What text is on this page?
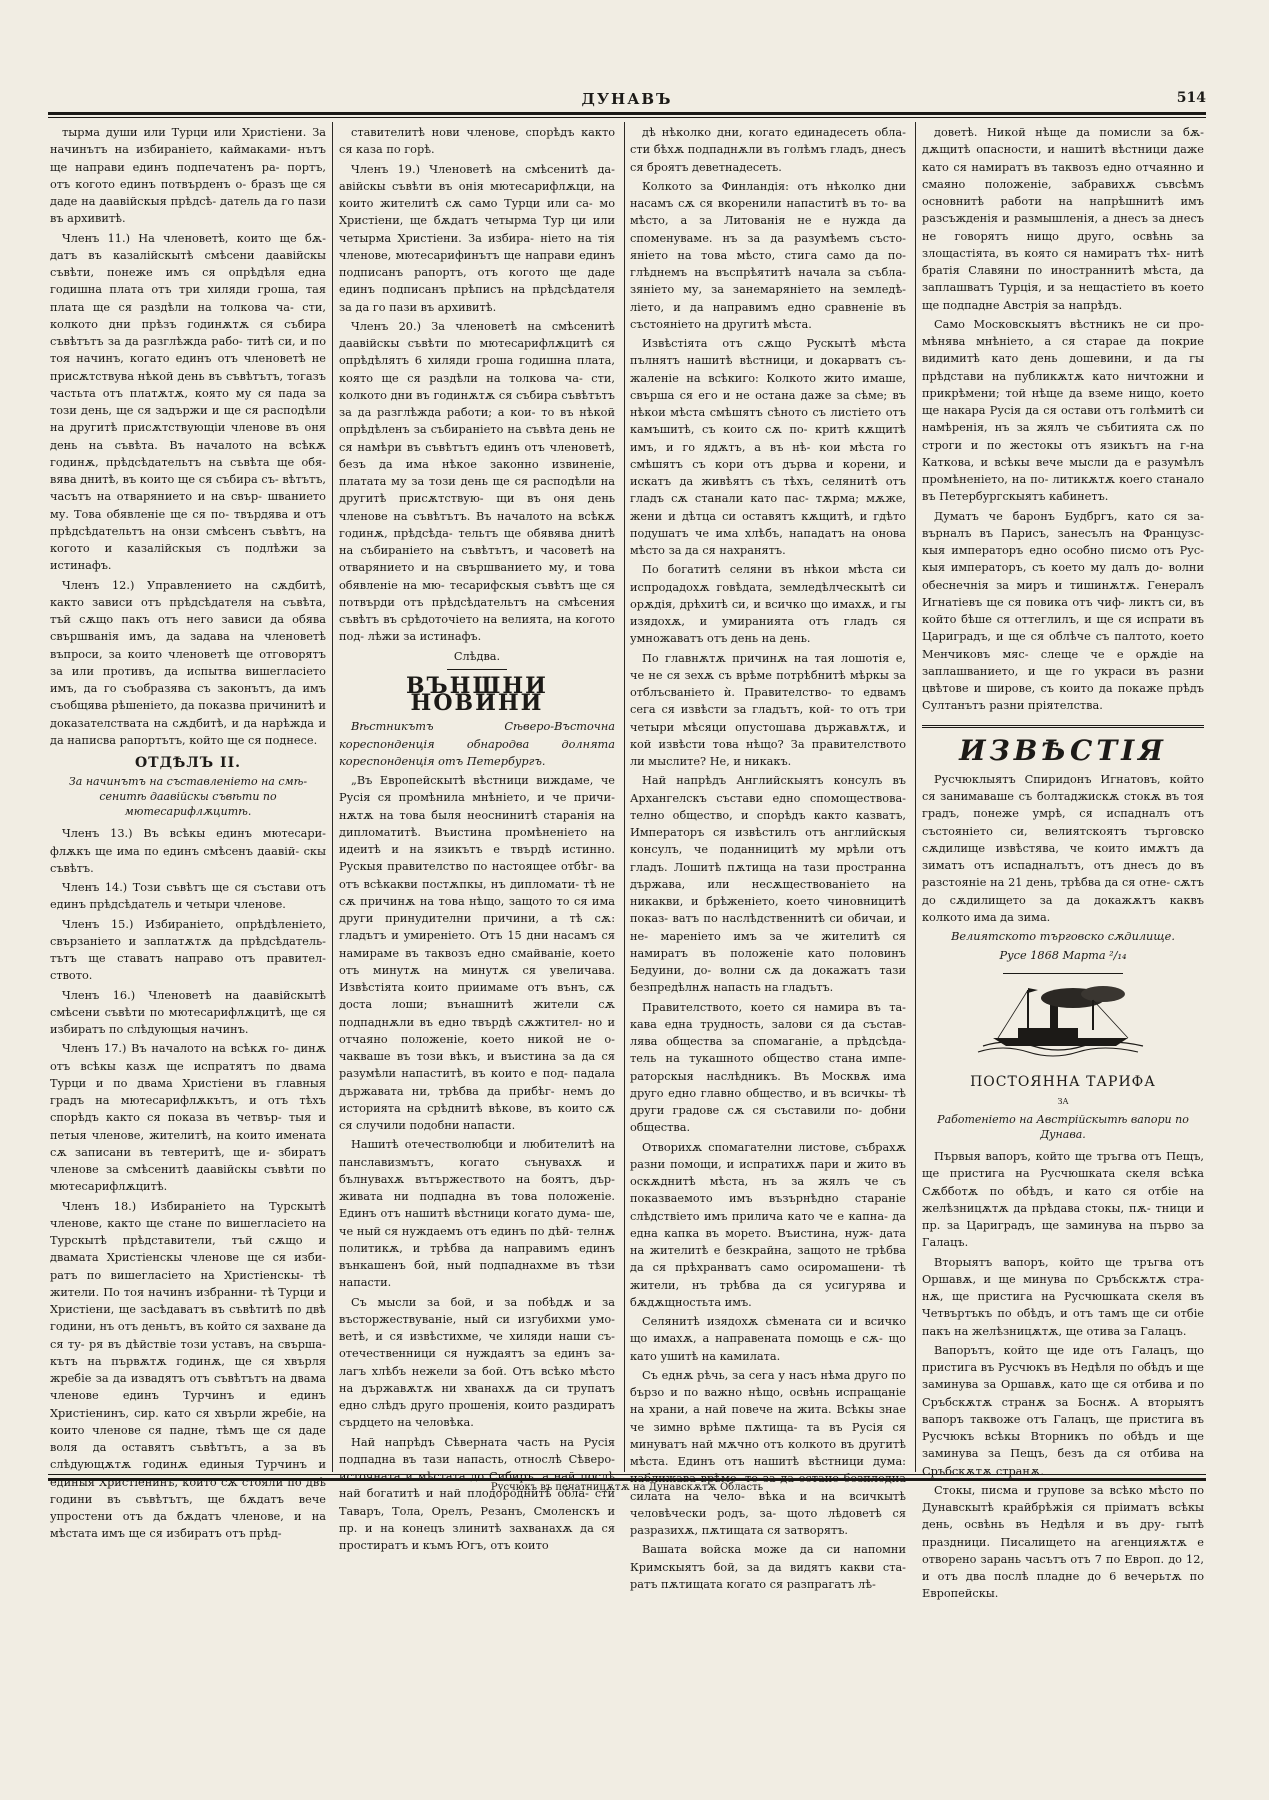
ДУНАВЪ	514

тырма души или Турци или Христіени. За начинътъ на избираніето, каймаками- нътъ ще направи единъ подпечатенъ ра- портъ, отъ когото единъ потвърденъ о- бразъ ще ся даде на даавійскыя прѣдсѣ- датель да го пази въ архивитѣ.

Членъ 11.) На членоветѣ, които ще бѫ- датъ въ казалійскытѣ смѣсени даавійскы съвѣти, понеже имъ ся опрѣдѣля една годишна плата отъ три хиляди гроша, тая плата ще ся раздѣли на толкова ча- сти, колкото дни прѣзъ годинѫтѫ ся събира съвѣтътъ за да разглѣжда рабо- титѣ си, и по тоя начинъ, когато единъ отъ членоветѣ не присѫтствува нѣкой день въ съвѣтътъ, тогазъ частьта отъ платѫтѫ, която му ся пада за този день, ще ся задържи и ще ся расподѣли на другитѣ присѫтствующіи членове въ оня день на съвѣта. Въ началото на всѣкѫ годинѫ, прѣдсѣдательтъ на съвѣта ще обя- вява днитѣ, въ които ще ся събира съ- вѣтътъ, часътъ на отварянието и на свър- шванието му. Това обявленіе ще ся по- твърдява и отъ прѣдсѣдательтъ на онзи смѣсенъ съвѣтъ, на когото и казалійскыя съ подлѣжи за истинафъ.

Членъ 12.) Управлението на сѫдбитѣ, както зависи отъ прѣдсѣдателя на съвѣта, тъй сѫщо пакъ отъ него зависи да обява свършванія имъ, да задава на членоветѣ въпроси, за които членоветѣ ще отговорятъ за или противъ, да испытва вишегласіето имъ, да го съобразява съ законътъ, да имъ съобщява рѣшеніето, да показва причинитѣ и доказателствата на сѫдбитѣ, и да нарѣжда и да написва рапортътъ, който ще ся поднесе.

ОТДѢЛЪ II.
За начинътъ на съставленіето на смѣ- сенитѣ даавійскы съвѣти по мютесарифлѫцитѣ.

Членъ 13.) Въ всѣкы единъ мютесари- флѫкъ ще има по единъ смѣсенъ даавій- скы съвѣтъ.

Членъ 14.) Този съвѣтъ ще ся състави отъ единъ прѣдсѣдатель и четыри членове.

Членъ 15.) Избираніето, опрѣдѣленіето, свързаніето и заплатѫтѫ да прѣдсѣдатель- тътъ ще ставатъ направо отъ правител- ството.

Членъ 16.) Членоветѣ на даавійскытѣ смѣсени съвѣти по мютесарифлѫцитѣ, ще ся избиратъ по слѣдующыя начинъ.

Членъ 17.) Въ началото на всѣкѫ го- динѫ отъ всѣкы казѫ ще испратятъ по двама Турци и по двама Христіени въ главныя градъ на мютесарифлѫкътъ, и отъ тѣхъ спорѣдъ както ся показа въ четвър- тыя и петыя членове, жителитѣ, на които имената сѫ записани въ тевтеритѣ, ще и- збиратъ членове за смѣсенитѣ даавійскы съвѣти по мютесарифлѫцитѣ.

Членъ 18.) Избираніето на Турскытѣ членове, както ще стане по вишегласіето на Турскытѣ прѣдставители, тъй сѫщо и двамата Христіенскы членове ще ся изби- ратъ по вишегласіето на Христіенскы- тѣ жители. По тоя начинъ избранни- тѣ Турци и Христіени, ще засѣдаватъ въ съвѣтитѣ по двѣ години, нъ отъ деньтъ, въ който ся захване да ся ту- ря въ дѣйствіе този уставъ, на свърша- кътъ на първѫтѫ годинѫ, ще ся хвърля жребіе за да извадятъ отъ съвѣтътъ на двама членове единъ Турчинъ и единъ Христіенинъ, сир. като ся хвърли жребіе, на които членове ся падне, тѣмъ ще ся даде воля да оставятъ съвѣтътъ, а за въ слѣдующѫтѫ годинѫ единыя Турчинъ и единыя Христіенинъ, които сѫ стояли по двѣ години въ съвѣтътъ, ще бѫдатъ вече упростени отъ да бѫдатъ членове, и на мѣстата имъ ще ся избиратъ отъ прѣд-

ставителитѣ нови членове, спорѣдъ както ся каза по горѣ.

Членъ 19.) Членоветѣ на смѣсенитѣ да- авійскы съвѣти въ онія мютесарифлѫци, на които жителитѣ сѫ само Турци или са- мо Христіени, ще бѫдатъ четырма Тур ци или четырма Христіени. За избира- ніето на тія членове, мютесарифинътъ ще направи единъ подписанъ рапортъ, отъ когото ще даде единъ подписанъ прѣписъ на прѣдсѣдателя за да го пази въ архивитѣ.

Членъ 20.) За членоветѣ на смѣсенитѣ даавійскы съвѣти по мютесарифлѫцитѣ ся опрѣдѣлятъ 6 хиляди гроша годишна плата, която ще ся раздѣли на толкова ча- сти, колкото дни въ годинѫтѫ ся събира съвѣтътъ за да разглѣжда работи; а кои- то въ нѣкой опрѣдѣленъ за събираніето на съвѣта день не ся намѣри въ съвѣтътъ единъ отъ членоветѣ, безъ да има нѣкое законно извиненіе, платата му за този день ще ся расподѣли на другитѣ присѫтствую- щи въ оня день членове на съвѣтътъ. Въ началото на всѣкѫ годинѫ, прѣдсѣда- тельтъ ще обявява днитѣ на събираніето на съвѣтътъ, и часоветѣ на отварянието и на свършванието му, и това обявленіе на мю- тесарифскыя съвѣтъ ще ся потвърди отъ прѣдсѣдательтъ на смѣсения съвѣтъ въ срѣдоточіето на велията, на когото под- лѣжи за истинафъ.

Слѣдва.

ВЪНШНИ НОВИНИ

Вѣстникътъ Сѣверо-Въсточна кореспонденція обнародва долнята кореспонденція отъ Петербургъ.

„Въ Европейскытѣ вѣстници виждаме, че Русія ся промѣнила мнѣніето, и че причи- нѫтѫ на това быля неоснинитѣ старанія на дипломатитѣ. Въистина промѣненіето на идеитѣ и на язикътъ е твърдѣ истинно. Рускыя правителство по настоящее отбѣг- ва отъ всѣкакви постѫпкы, нъ дипломати- тѣ не сѫ причинѫ на това нѣщо, защото то ся има други принудителни причини, а тѣ сѫ: гладътъ и умиреніето. Отъ 15 дни насамъ ся намираме въ таквозъ едно смайваніе, което отъ минутѫ на минутѫ ся увеличава. Извѣстіята които приимаме отъ вънъ, сѫ доста лоши; вънашнитѣ жители сѫ подпаднѫли въ едно твърдѣ сѫжтител- но и отчаяно положеніе, което никой не о- чакваше въ този вѣкъ, и въистина за да ся разумѣли напаститѣ, въ които е под- падала държавата ни, трѣбва да прибѣг- немъ до историята на срѣднитѣ вѣкове, въ които сѫ ся случили подобни напасти.

Нашитѣ отечестволюбци и любителитѣ на панславизмътъ, когато сънувахѫ и бълнувахѫ вътържеството на боятъ, дър- живата ни подпадна въ това положеніе. Единъ отъ нашитѣ вѣстници когато дума- ше, че ный ся нуждаемъ отъ единъ по дѣй- телнѫ политикѫ, и трѣбва да направимъ единъ вънкашенъ бой, ный подпаднахме въ тѣзи напасти.

Съ мысли за бой, и за побѣдѫ и за въсторжествуваніе, ный си изгубихми умо- ветѣ, и ся извѣстихме, че хиляди наши съ- отечественници ся нуждаятъ за единъ за- лагъ хлѣбъ нежели за бой. Отъ всѣко мѣсто на държавѫтѫ ни хванахѫ да си трупатъ едно слѣдъ друго прошенія, които раздиратъ сърдцето на человѣка.

Най напрѣдъ Сѣверната часть на Русія подпадна въ тази напасть, относлѣ Сѣверо- источната и мѣстата до Сибиръ, а най послѣ най богатитѣ и най плодороднитѣ обла- сти Таваръ, Тола, Орелъ, Резанъ, Смоленскъ и пр. и на конецъ злинитѣ захванахѫ да ся простиратъ и къмъ Югъ, отъ които

дѣ нѣколко дни, когато единадесеть обла- сти бѣхѫ подпаднѫли въ голѣмъ гладъ, днесъ ся броятъ деветнадесеть.

Колкото за Финландія: отъ нѣколко дни насамъ сѫ ся вкоренили напаститѣ въ то- ва мѣсто, а за Литованія не е нужда да споменуваме. нъ за да разумѣемъ състо- яніето на това мѣсто, стига само да по- глѣднемъ на въспрѣятитѣ начала за събла- зяніето му, за занемаряніето на земледѣ- ліето, и да направимъ едно сравненіе въ състояніето на другитѣ мѣста.

Извѣстіята отъ сѫщо Рускытѣ мѣста пълнятъ нашитѣ вѣстници, и докарватъ съ- жаленіе на всѣкиго: Колкото жито имаше, свърша ся его и не остана даже за сѣме; въ нѣкои мѣста смѣшятъ сѣното съ листіето отъ камъшитѣ, съ които сѫ по- критѣ кѫщитѣ имъ, и го ядѫтъ, а въ нѣ- кои мѣста го смѣшятъ съ кори отъ дърва и корени, и искатъ да живѣятъ съ тѣхъ, селянитѣ отъ гладъ сѫ станали като пас- тѫрма; мѫже, жени и дѣтца си оставятъ кѫщитѣ, и гдѣто подушатъ че има хлѣбъ, нападатъ на онова мѣсто за да ся нахранятъ.

По богатитѣ селяни въ нѣкои мѣста си испродадохѫ говѣдата, земледѣлческытѣ си орѫдія, дрѣхитѣ си, и всичко що имахѫ, и гы изядохѫ, и умиранията отъ гладъ ся умножаватъ отъ день на день.

По главнѫтѫ причинѫ на тая лошотія е, че не ся зехѫ съ врѣме потрѣбнитѣ мѣркы за отблъсваніето ѝ. Правителство- то едвамъ сега ся извѣсти за гладътъ, кой- то отъ три четыри мѣсяци опустошава държавѫтѫ, и кой извѣсти това нѣщо? За правителството ли мыслите? Не, и никакъ.

Най напрѣдъ Английскыятъ консулъ въ Архангелскъ състави едно спомоществова- телно общество, и спорѣдъ както казватъ, Императоръ ся извѣстилъ отъ английскыя консулъ, че поданницитѣ му мрѣли отъ гладъ. Лошитѣ пѫтища на тази пространна държава, или несѫществованіето на никакви, и брѣженіето, което чиновницитѣ показ- ватъ по наслѣдственнитѣ си обичаи, и не- мареніето имъ за че жителитѣ ся намиратъ въ положеніе като половинъ Бедуини, до- волни сѫ да докажатъ тази безпредѣлнѫ напасть на гладътъ.

Правителството, което ся намира въ та- кава една трудность, залови ся да състав- лява общества за спомаганіе, а прѣдсѣда- тель на тукашното общество стана импе- раторскыя наслѣдникъ. Въ Москвѫ има друго едно главно общество, и въ всичкы- тѣ други градове сѫ ся съставили по- добни общества.

Отворихѫ спомагателни листове, събрахѫ разни помощи, и испратихѫ пари и жито въ оскѫднитѣ мѣста, нъ за жялъ че съ показваемото имъ възърнѣдно стараніе слѣдствіето имъ прилича като че е капна- да една капка въ морето. Въистина, нуж- дата на жителитѣ е безкрайна, защото не трѣбва да ся прѣхранватъ само осиромашени- тѣ жители, нъ трѣбва да ся усигурява и бѫдѫщностьта имъ.

Селянитѣ изядохѫ сѣмената си и всичко що имахѫ, а направената помощь е сѫ- що като ушитѣ на камилата.

Съ еднѫ рѣчь, за сега у насъ нѣма друго по бързо и по важно нѣщо, освѣнь испращаніе на храни, а най повече на жита. Всѣкы знае че зимно врѣме пѫтища- та въ Русія ся минуватъ най мѫчно отъ колкото въ другитѣ мѣста. Единъ отъ нашитѣ вѣстници дума: наближава врѣме- то за да остане безплодна силата на чело- вѣка и на всичкытѣ человѣчески родъ, за- щото лѣдоветѣ ся разразихѫ, пѫтищата ся затворятъ.

Вашата войска може да си напомни Кримскыятъ бой, за да видятъ какви ста- ратъ пѫтищата когато ся разпрагатъ лѣ-

доветѣ. Никой нѣще да помисли за бѫ- дѫщитѣ опасности, и нашитѣ вѣстници даже като ся намиратъ въ таквозъ едно отчаянно и смаяно положеніе, забравихѫ съвсѣмъ основнитѣ работи на напрѣшнитѣ имъ разсъжденія и размышленія, а днесъ за днесъ не говорятъ нищо друго, освѣнь за злощастіята, въ която ся намиратъ тѣх- нитѣ братія Славяни по иностраннитѣ мѣста, да заплашватъ Турція, и за нещастіето въ което ще подпадне Австрія за напрѣдъ.

Само Московскыятъ вѣстникъ не си про- мѣнява мнѣніето, а ся старае да покрие видимитѣ като день дошевини, и да гы прѣдстави на публикѫтѫ като ничтожни и прикрѣмени; той нѣще да вземе нищо, което ще накара Русія да ся остави отъ голѣмитѣ си намѣренія, нъ за жялъ че събитията сѫ по строги и по жестокы отъ язикътъ на г-на Каткова, и всѣкы вече мысли да е разумѣлъ промѣненіето, на по- литикѫтѫ коего станало въ Петербургскыятъ кабинетъ.

Думатъ че баронъ Будбргъ, като ся за- върналъ въ Парисъ, занесълъ на Французс- кыя императоръ едно особно писмо отъ Рус- кыя императоръ, съ което му далъ до- волни обеснечнія за миръ и тишинѫтѫ. Генералъ Игнатіевъ ще ся повика отъ чиф- ликтъ си, въ който бѣше ся оттеглилъ, и ще ся испрати въ Цариградъ, и ще ся облѣче съ палтото, което Менчиковъ мяс- слеще че е орѫдіе на заплашванието, и ще го украси въ разни цвѣтове и шировe, съ които да покаже прѣдъ Султанътъ разни пріятелства.

ИЗВѢСТІЯ

Русчюклыятъ Спиридонъ Игнатовъ, който ся занимаваше съ болтаджискѫ стокѫ въ тоя градъ, понеже умрѣ, ся испадналъ отъ състояніето си, велиятскоятъ търговско сѫдилище извѣстява, че които имѫтъ да зиматъ отъ испадналътъ, отъ днесъ до въ разстояніе на 21 день, трѣбва да ся отне- сѫтъ до сѫдилището за да докажѫтъ каквъ колкото има да зима.

Велиятското търговско сѫдилище.
Русе 1868 Марта ²/₁₄
ПОСТОЯННА ТАРИФА
ЗА
Работеніето на Австрійскытѣ вапори по Дунава.

Първыя вапоръ, който ще тръгва отъ Пещъ, ще пристига на Русчюшката скеля всѣка Сѫбботѫ по обѣдъ, и като ся отбіе на желѣзницѫтѫ да прѣдава стокы, пѫ- тници и пр. за Цариградъ, ще заминува на първо за Галацъ.

Вторыятъ вапоръ, който ще тръгва отъ Оршавѫ, и ще минува по Сръбскѫтѫ стра- нѫ, ще пристига на Русчюшката скеля въ Четвъртъкъ по обѣдъ, и отъ тамъ ще си отбіе пакъ на желѣзницѫтѫ, ще отива за Галацъ.

Вапорътъ, който ще иде отъ Галацъ, що пристига въ Русчюкъ въ Недѣля по обѣдъ и ще заминува за Оршавѫ, като ще ся отбива и по Сръбскѫтѫ странѫ за Боснѫ. А вторыятъ вапоръ таквоже отъ Галацъ, ще пристига въ Русчюкъ всѣкы Вторникъ по обѣдъ и ще заминува за Пещъ, безъ да ся отбива на Сръбскѫтѫ странѫ.

Стокы, писма и групове за всѣко мѣсто по Дунавскытѣ крайбрѣжія ся пріиматъ всѣкы день, освѣнь въ Недѣля и въ дру- гытѣ праздници. Писалището на агенцияѫтѫ е отворено зарань часътъ отъ 7 по Европ. до 12, и отъ два послѣ пладне до 6 вечерьтѫ по Европейскы.

Русчюкъ въ печатницѫтѫ на Дунавскѫтѫ Область
